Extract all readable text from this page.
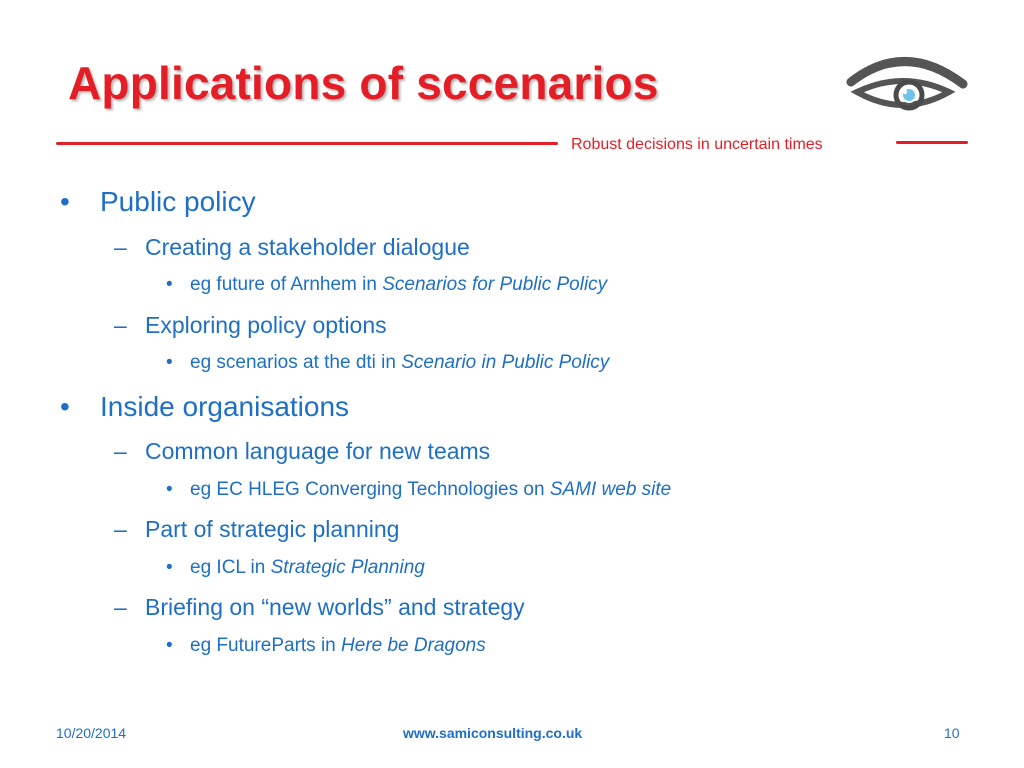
Applications of sccenarios
Robust decisions in uncertain times
• Public policy
– Creating a stakeholder dialogue
• eg future of Arnhem in Scenarios for Public Policy
– Exploring policy options
• eg scenarios at the dti in Scenario in Public Policy
• Inside organisations
– Common language for new teams
• eg EC HLEG Converging Technologies on SAMI web site
– Part of strategic planning
• eg ICL in Strategic Planning
– Briefing on “new worlds” and strategy
• eg FutureParts in Here be Dragons
10/20/2014	www.samiconsulting.co.uk	10
